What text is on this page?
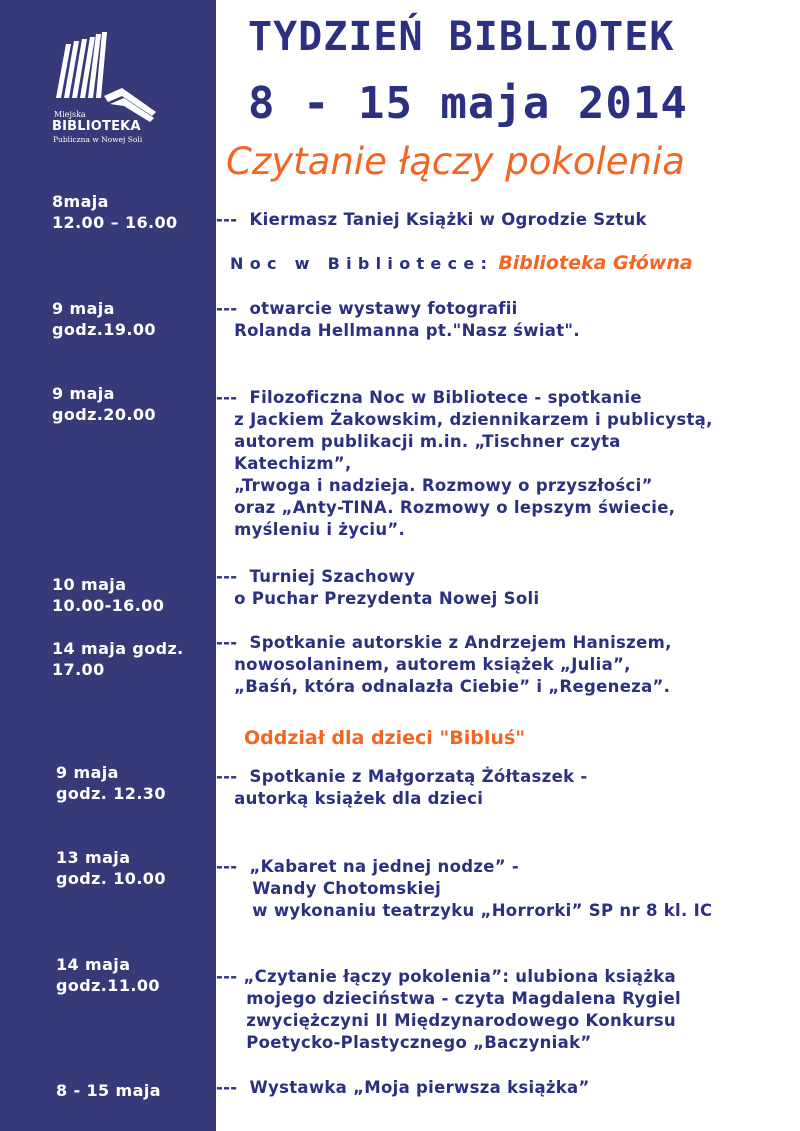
Miejska
BIBLIOTEKA
Publiczna w Nowej Soli
TYDZIEŃ BIBLIOTEK
8 - 15 maja 2014
Czytanie łączy pokolenia
8maja
12.00 – 16.00 ---  Kiermasz Taniej Książki w Ogrodzie Sztuk
Noc w Bibliotece: Biblioteka Główna
9 maja
godz.19.00
---  otwarcie wystawy fotografii
Rolanda Hellmanna pt."Nasz świat".
9 maja
godz.20.00
---  Filozoficzna Noc w Bibliotece - spotkanie
z Jackiem Żakowskim, dziennikarzem i publicystą,
autorem publikacji m.in. „Tischner czyta
Katechizm”,
„Trwoga i nadzieja. Rozmowy o przyszłości”
oraz „Anty-TINA. Rozmowy o lepszym świecie,
myśleniu i życiu”.
10 maja
10.00-16.00
---  Turniej Szachowy
o Puchar Prezydenta Nowej Soli
14 maja godz.
17.00
---  Spotkanie autorskie z Andrzejem Haniszem,
nowosolaninem, autorem książek „Julia”,
„Baśń, która odnalazła Ciebie” i „Regeneza”.
Oddział dla dzieci "Bibluś"
9 maja
godz. 12.30
---  Spotkanie z Małgorzatą Żółtaszek -
autorką książek dla dzieci
13 maja
godz. 10.00
---  „Kabaret na jednej nodze” -
Wandy Chotomskiej
w wykonaniu teatrzyku „Horrorki” SP nr 8 kl. IC
14 maja
godz.11.00	--- „Czytanie łączy pokolenia”: ulubiona książka
mojego dzieciństwa - czyta Magdalena Rygiel
zwyciężczyni II Międzynarodowego Konkursu
Poetycko-Plastycznego „Baczyniak”
8 - 15 maja	---  Wystawka „Moja pierwsza książka”
